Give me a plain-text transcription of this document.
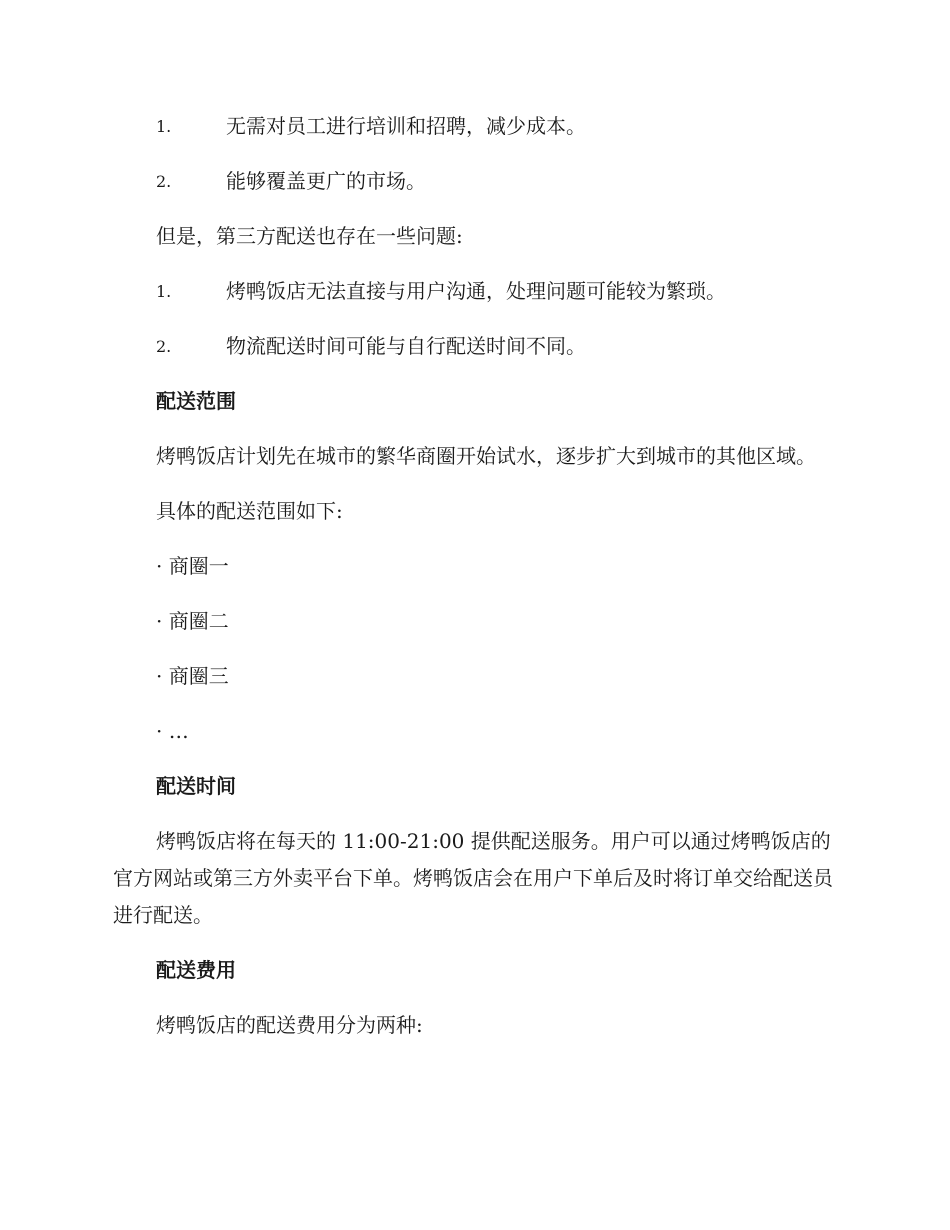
1.	无需对员工进行培训和招聘，减少成本。
2.	能够覆盖更广的市场。
但是，第三方配送也存在一些问题:
1.	烤鸭饭店无法直接与用户沟通，处理问题可能较为繁琐。
2.	物流配送时间可能与自行配送时间不同。
配送范围
烤鸭饭店计划先在城市的繁华商圈开始试水，逐步扩大到城市的其他区域。
具体的配送范围如下:
· 商圈一
· 商圈二
· 商圈三
· …
配送时间
烤鸭饭店将在每天的 11:00-21:00 提供配送服务。用户可以通过烤鸭饭店的官方网站或第三方外卖平台下单。烤鸭饭店会在用户下单后及时将订单交给配送员进行配送。
配送费用
烤鸭饭店的配送费用分为两种:
